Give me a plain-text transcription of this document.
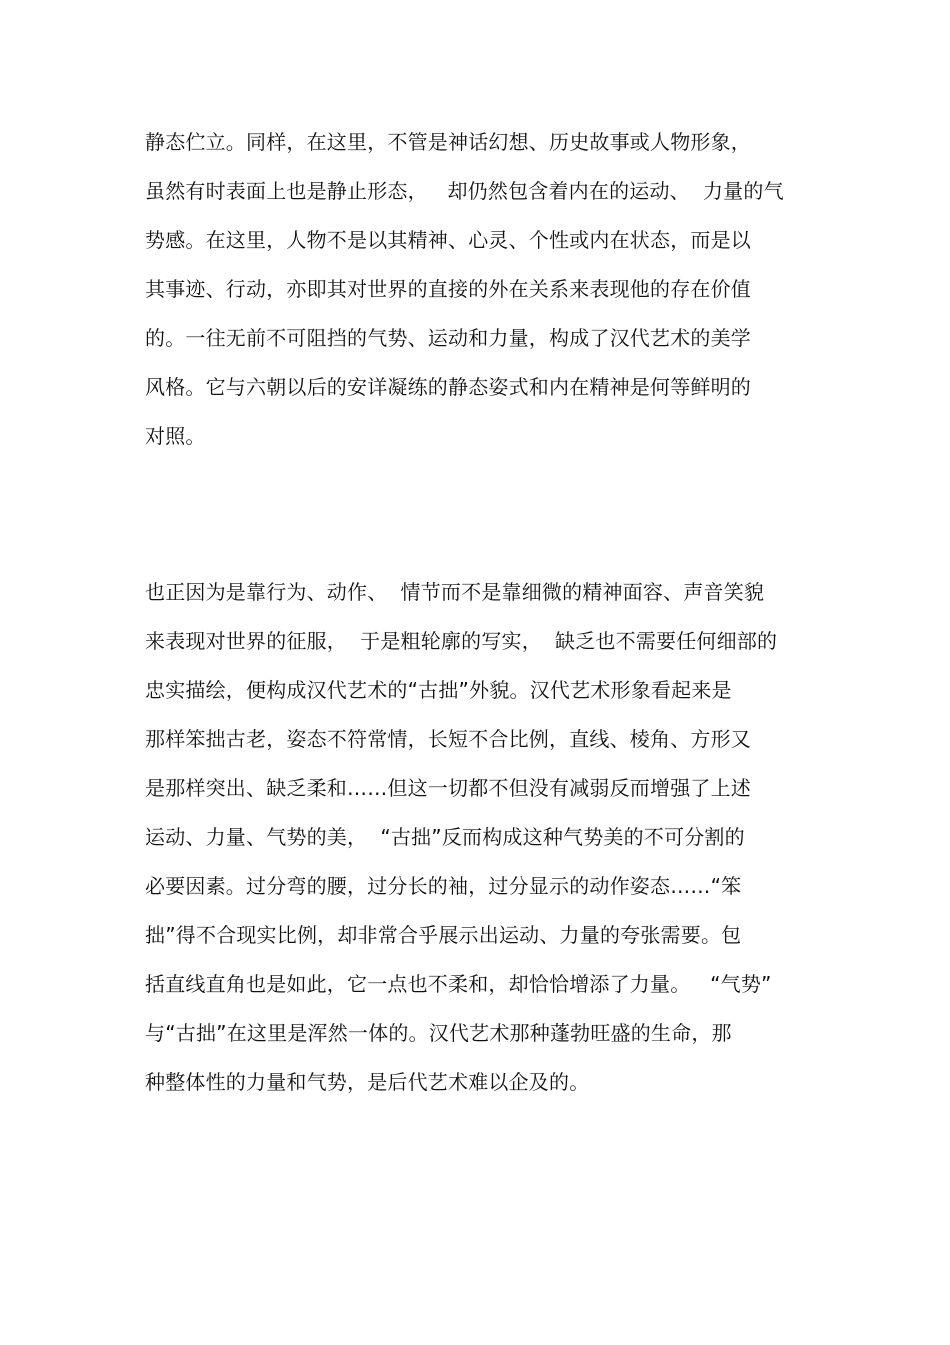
静态伫立。同样，在这里，不管是神话幻想、历史故事或人物形象，
虽然有时表面上也是静止形态，   却仍然包含着内在的运动、  力量的气
势感。在这里，人物不是以其精神、心灵、个性或内在状态，而是以
其事迹、行动，亦即其对世界的直接的外在关系来表现他的存在价值
的。一往无前不可阻挡的气势、运动和力量，构成了汉代艺术的美学
风格。它与六朝以后的安详凝练的静态姿式和内在精神是何等鲜明的
对照。
也正因为是靠行为、动作、  情节而不是靠细微的精神面容、声音笑貌
来表现对世界的征服，  于是粗轮廓的写实，  缺乏也不需要任何细部的
忠实描绘，便构成汉代艺术的“古拙”外貌。汉代艺术形象看起来是
那样笨拙古老，姿态不符常情，长短不合比例，直线、棱角、方形又
是那样突出、缺乏柔和……但这一切都不但没有减弱反而增强了上述
运动、力量、气势的美，  “古拙”反而构成这种气势美的不可分割的
必要因素。过分弯的腰，过分长的袖，过分显示的动作姿态……“笨
拙”得不合现实比例，却非常合乎展示出运动、力量的夸张需要。包
括直线直角也是如此，它一点也不柔和，却恰恰增添了力量。   “气势”
与“古拙”在这里是浑然一体的。汉代艺术那种蓬勃旺盛的生命，那
种整体性的力量和气势，是后代艺术难以企及的。
